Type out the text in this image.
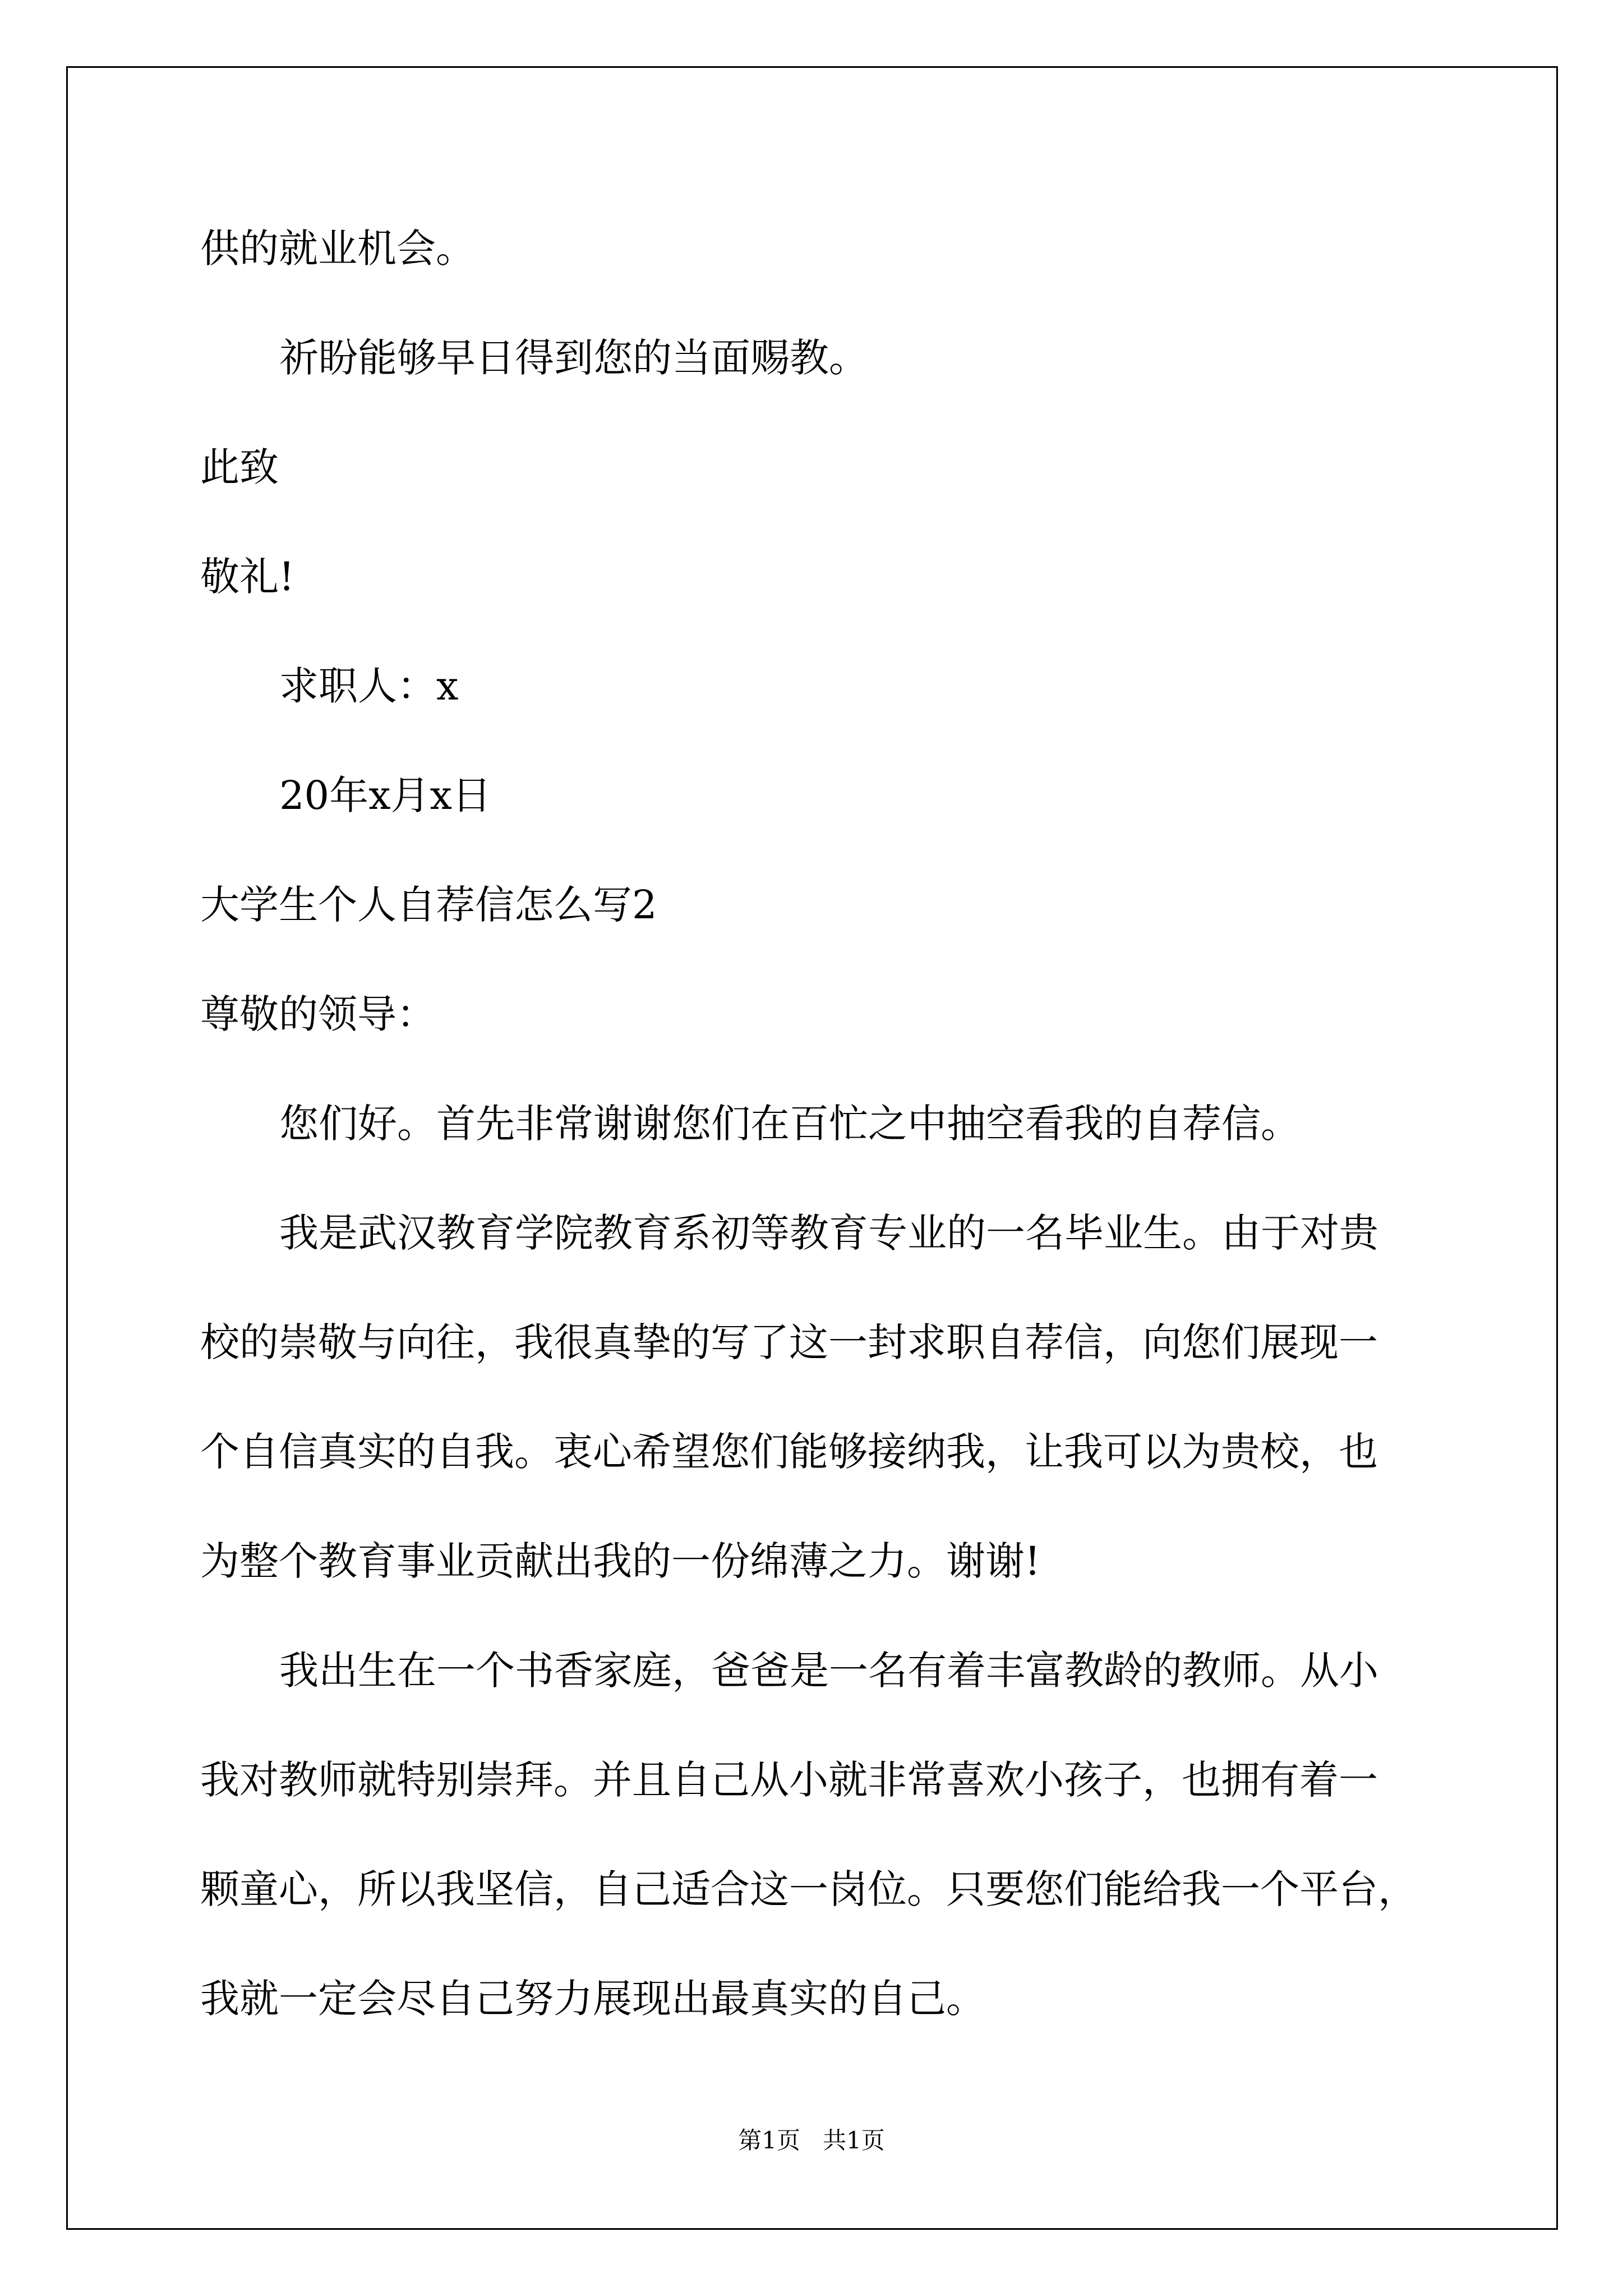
供的就业机会。

祈盼能够早日得到您的当面赐教。

此致

敬礼!

求职人：x

20年x月x日

大学生个人自荐信怎么写2

尊敬的领导：

您们好。首先非常谢谢您们在百忙之中抽空看我的自荐信。

我是武汉教育学院教育系初等教育专业的一名毕业生。由于对贵

校的崇敬与向往，我很真挚的写了这一封求职自荐信，向您们展现一

个自信真实的自我。衷心希望您们能够接纳我，让我可以为贵校，也

为整个教育事业贡献出我的一份绵薄之力。谢谢!

我出生在一个书香家庭，爸爸是一名有着丰富教龄的教师。从小

我对教师就特别崇拜。并且自己从小就非常喜欢小孩子，也拥有着一

颗童心，所以我坚信，自己适合这一岗位。只要您们能给我一个平台，

我就一定会尽自己努力展现出最真实的自己。

第1页   共1页
